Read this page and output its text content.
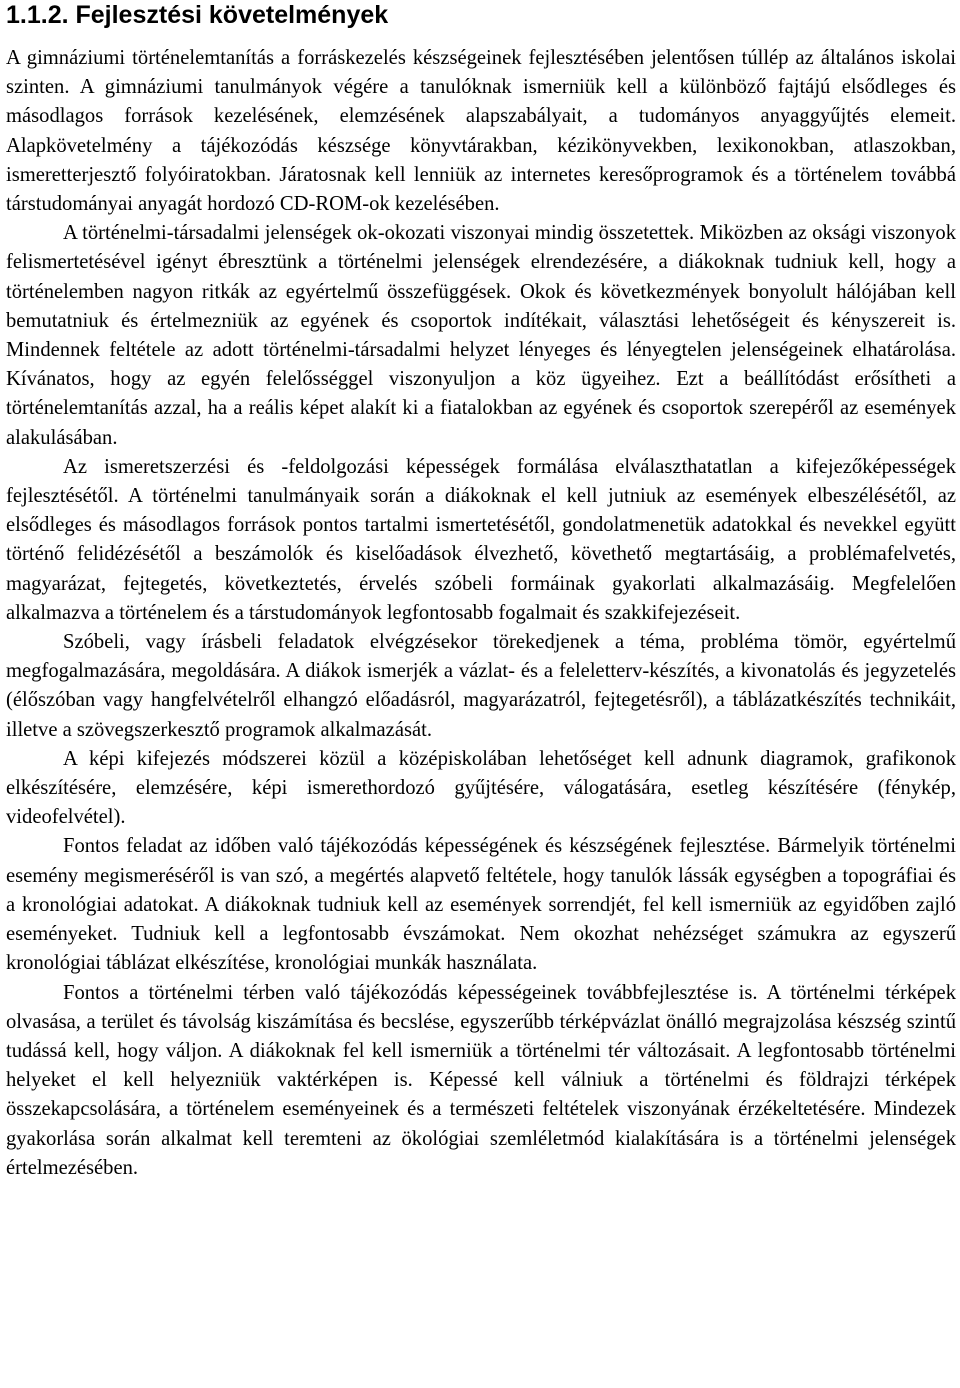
1.1.2. Fejlesztési követelmények

A gimnáziumi történelemtanítás a forráskezelés készségeinek fejlesztésében jelentősen túllép az általános iskolai szinten. A gimnáziumi tanulmányok végére a tanulóknak ismerniük kell a különböző fajtájú elsődleges és másodlagos források kezelésének, elemzésének alapszabályait, a tudományos anyaggyűjtés elemeit. Alapkövetelmény a tájékozódás készsége könyvtárakban, kézikönyvekben, lexikonokban, atlaszokban, ismeretterjesztő folyóiratokban. Járatosnak kell lenniük az internetes keresőprogramok és a történelem továbbá társtudományai anyagát hordozó CD-ROM-ok kezelésében.

A történelmi-társadalmi jelenségek ok-okozati viszonyai mindig összetettek. Miközben az oksági viszonyok felismertetésével igényt ébresztünk a történelmi jelenségek elrendezésére, a diákoknak tudniuk kell, hogy a történelemben nagyon ritkák az egyértelmű összefüggések. Okok és következmények bonyolult hálójában kell bemutatniuk és értelmezniük az egyének és csoportok indítékait, választási lehetőségeit és kényszereit is. Mindennek feltétele az adott történelmi-társadalmi helyzet lényeges és lényegtelen jelenségeinek elhatárolása. Kívánatos, hogy az egyén felelősséggel viszonyuljon a köz ügyeihez. Ezt a beállítódást erősítheti a történelemtanítás azzal, ha a reális képet alakít ki a fiatalokban az egyének és csoportok szerepéről az események alakulásában.

Az ismeretszerzési és -feldolgozási képességek formálása elválaszthatatlan a kifejezőképességek fejlesztésétől. A történelmi tanulmányaik során a diákoknak el kell jutniuk az események elbeszélésétől, az elsődleges és másodlagos források pontos tartalmi ismertetésétől, gondolatmenetük adatokkal és nevekkel együtt történő felidézésétől a beszámolók és kiselőadások élvezhető, követhető megtartásáig, a problémafelvetés, magyarázat, fejtegetés, következtetés, érvelés szóbeli formáinak gyakorlati alkalmazásáig. Megfelelően alkalmazva a történelem és a társtudományok legfontosabb fogalmait és szakkifejezéseit.

Szóbeli, vagy írásbeli feladatok elvégzésekor törekedjenek a téma, probléma tömör, egyértelmű megfogalmazására, megoldására. A diákok ismerjék a vázlat- és a feleletterv-készítés, a kivonatolás és jegyzetelés (élőszóban vagy hangfelvételről elhangzó előadásról, magyarázatról, fejtegetésről), a táblázatkészítés technikáit, illetve a szövegszerkesztő programok alkalmazását.

A képi kifejezés módszerei közül a középiskolában lehetőséget kell adnunk diagramok, grafikonok elkészítésére, elemzésére, képi ismerethordozó gyűjtésére, válogatására, esetleg készítésére (fénykép, videofelvétel).

Fontos feladat az időben való tájékozódás képességének és készségének fejlesztése. Bármelyik történelmi esemény megismeréséről is van szó, a megértés alapvető feltétele, hogy tanulók lássák egységben a topográfiai és a kronológiai adatokat. A diákoknak tudniuk kell az események sorrendjét, fel kell ismerniük az egyidőben zajló eseményeket. Tudniuk kell a legfontosabb évszámokat. Nem okozhat nehézséget számukra az egyszerű kronológiai táblázat elkészítése, kronológiai munkák használata.

Fontos a történelmi térben való tájékozódás képességeinek továbbfejlesztése is. A történelmi térképek olvasása, a terület és távolság kiszámítása és becslése, egyszerűbb térképvázlat önálló megrajzolása készség szintű tudássá kell, hogy váljon. A diákoknak fel kell ismerniük a történelmi tér változásait. A legfontosabb történelmi helyeket el kell helyezniük vaktérképen is. Képessé kell válniuk a történelmi és földrajzi térképek összekapcsolására, a történelem eseményeinek és a természeti feltételek viszonyának érzékeltetésére. Mindezek gyakorlása során alkalmat kell teremteni az ökológiai szemléletmód kialakítására is a történelmi jelenségek értelmezésében.
